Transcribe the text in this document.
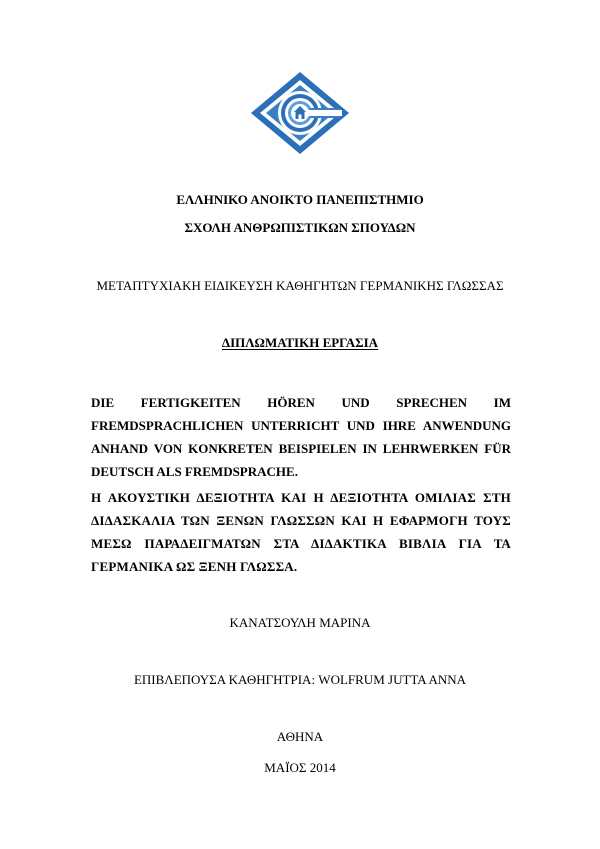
ΕΛΛΗΝΙΚΟ ΑΝΟΙΚΤΟ ΠΑΝΕΠΙΣΤΗΜΙΟ
ΣΧΟΛΗ ΑΝΘΡΩΠΙΣΤΙΚΩΝ ΣΠΟΥΔΩΝ
ΜΕΤΑΠΤΥΧΙΑΚΗ ΕΙΔΙΚΕΥΣΗ ΚΑΘΗΓΗΤΩΝ ΓΕΡΜΑΝΙΚΗΣ ΓΛΩΣΣΑΣ
ΔΙΠΛΩΜΑΤΙΚΗ ΕΡΓΑΣΙΑ
DIE FERTIGKEITEN HÖREN UND SPRECHEN IM FREMDSPRACHLICHEN UNTERRICHT UND IHRE ANWENDUNG ANHAND VON KONKRETEN BEISPIELEN IN LEHRWERKEN FÜR DEUTSCH ALS FREMDSPRACHE.
Η ΑΚΟΥΣΤΙΚΗ ΔΕΞΙΟΤΗΤΑ ΚΑΙ Η ΔΕΞΙΟΤΗΤΑ ΟΜΙΛΙΑΣ ΣΤΗ ΔΙΔΑΣΚΑΛΙΑ ΤΩΝ ΞΕΝΩΝ ΓΛΩΣΣΩΝ ΚΑΙ Η ΕΦΑΡΜΟΓΗ ΤΟΥΣ ΜΕΣΩ ΠΑΡΑΔΕΙΓΜΑΤΩΝ ΣΤΑ ΔΙΔΑΚΤΙΚΑ ΒΙΒΛΙΑ ΓΙΑ ΤΑ ΓΕΡΜΑΝΙΚΑ ΩΣ ΞΕΝΗ ΓΛΩΣΣΑ.
ΚΑΝΑΤΣΟΥΛΗ ΜΑΡΙΝΑ
ΕΠΙΒΛΕΠΟΥΣΑ ΚΑΘΗΓΗΤΡΙΑ: WOLFRUM JUTTA ANNA
ΑΘΗΝΑ
ΜΑΪΟΣ 2014
